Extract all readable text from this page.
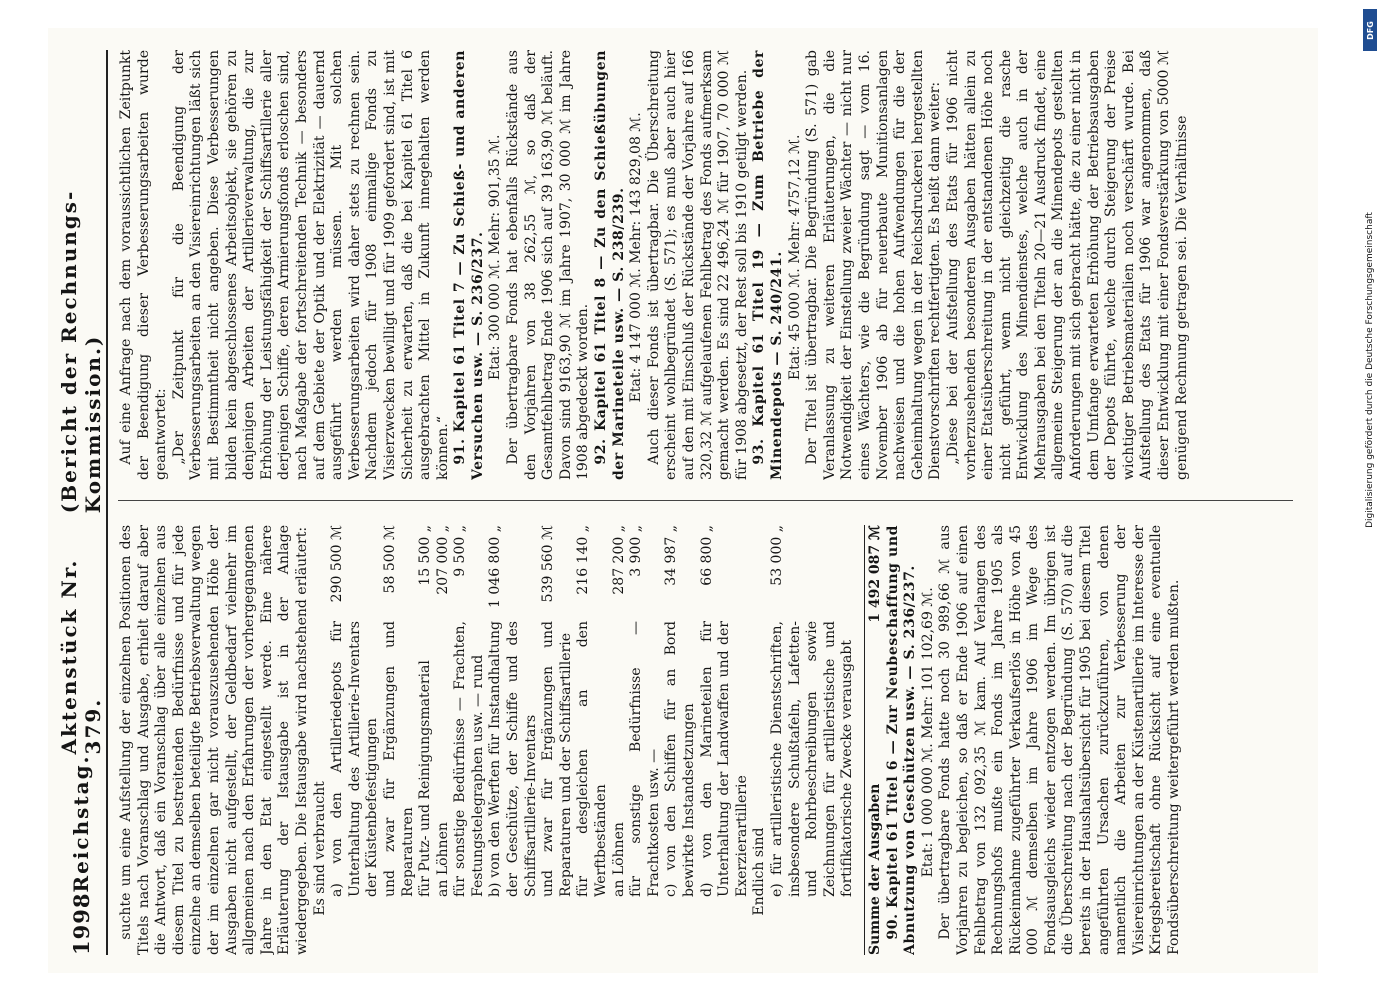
1998
Reichstag.
Aktenstück Nr. 379.
(Bericht der Rechnungs-Kommission.)

suchte um eine Aufstellung der einzelnen Positionen des Titels nach Voranschlag und Ausgabe, erhielt darauf aber die Antwort, daß ein Voranschlag über alle einzelnen aus diesem Titel zu bestreitenden Bedürfnisse und für jede einzelne an demselben beteiligte Betriebsverwaltung wegen der im einzelnen gar nicht vorauszusehenden Höhe der Ausgaben nicht aufgestellt, der Geldbedarf vielmehr im allgemeinen nach den Erfahrungen der vorhergegangenen Jahre in den Etat eingestellt werde. Eine nähere Erläuterung der Istausgabe ist in der Anlage wiedergegeben. Die Istausgabe wird nachstehend erläutert: Es sind verbraucht a) von den Artilleriedepots für Unterhaltung des Artillerie-Inventars der Küstenbefestigungen
290 500 ℳ
und zwar für Ergänzungen und Reparaturen
58 500 ℳ
für Putz- und Reinigungsmaterial
15 500 „
an Löhnen
207 000 „
für sonstige Bedürfnisse — Frachten, Festungstelegraphen usw. — rund
9 500 „
b) von den Werften für Instandhaltung der Geschütze, der Schiffe und des Schiffsartillerie-Inventars
1 046 800 „
und zwar für Ergänzungen und Reparaturen und der Schiffsartillerie
539 560 ℳ
für desgleichen an den Werftbeständen
216 140 „
an Löhnen
287 200 „
für sonstige Bedürfnisse — Frachtkosten usw. —
3 900 „
c) von den Schiffen für an Bord bewirkte Instandsetzungen
34 987 „
d) von den Marineteilen für Unterhaltung der Landwaffen und der Exerzierartillerie
66 800 „

Endlich sind e) für artilleristische Dienstschriften, insbesondere Schußtafeln, Lafetten- und Rohrbeschreibungen sowie Zeichnungen für artilleristische und fortifikatorische Zwecke verausgabt
53 000 „
Summe der Ausgaben
1 492 087 ℳ 90. Kapitel 61 Titel 6 — Zur Neubeschaffung und Abnutzung von Geschützen usw. — S. 236/237. Etat: 1 000 000 ℳ. Mehr: 101 102,69 ℳ. Der übertragbare Fonds hatte noch 30 989,66 ℳ aus Vorjahren zu begleichen, so daß er Ende 1906 auf einen Fehlbetrag von 132 092,35 ℳ kam. Auf Verlangen des Rechnungshofs mußte ein Fonds im Jahre 1905 als Rückeinnahme zugeführter Verkaufserlös in Höhe von 45 000 ℳ demselben im Jahre 1906 im Wege des Fondsausgleichs wieder entzogen werden. Im übrigen ist die Überschreitung nach der Begründung (S. 570) auf die bereits in der Haushaltsübersicht für 1905 bei diesem Titel angeführten Ursachen zurückzuführen, von denen namentlich die Arbeiten zur Verbesserung der Visiereinrichtungen an der Küstenartillerie im Interesse der Kriegsbereitschaft ohne Rücksicht auf eine eventuelle Fondsüberschreitung weitergeführt werden mußten.

Auf eine Anfrage nach dem voraussichtlichen Zeitpunkt der Beendigung dieser Verbesserungsarbeiten wurde geantwortet: „Der Zeitpunkt für die Beendigung der Verbesserungsarbeiten an den Visiereinrichtungen läßt sich mit Bestimmtheit nicht angeben. Diese Verbesserungen bilden kein abgeschlossenes Arbeitsobjekt, sie gehören zu denjenigen Arbeiten der Artillerieverwaltung, die zur Erhöhung der Leistungsfähigkeit der Schiffsartillerie aller derjenigen Schiffe, deren Armierungsfonds erloschen sind, nach Maßgabe der fortschreitenden Technik — besonders auf dem Gebiete der Optik und der Elektrizität — dauernd ausgeführt werden müssen. Mit solchen Verbesserungsarbeiten wird daher stets zu rechnen sein. Nachdem jedoch für 1908 einmalige Fonds zu Visierzwecken bewilligt und für 1909 gefordert sind, ist mit Sicherheit zu erwarten, daß die bei Kapitel 61 Titel 6 ausgebrachten Mittel in Zukunft innegehalten werden können.“ 91. Kapitel 61 Titel 7 — Zu Schieß- und anderen Versuchen usw. — S. 236/237. Etat: 300 000 ℳ. Mehr: 901,35 ℳ. Der übertragbare Fonds hat ebenfalls Rückstände aus den Vorjahren von 38 262,55 ℳ, so daß der Gesamtfehlbetrag Ende 1906 sich auf 39 163,90 ℳ beläuft. Davon sind 9163,90 ℳ im Jahre 1907, 30 000 ℳ im Jahre 1908 abgedeckt worden. 92. Kapitel 61 Titel 8 — Zu den Schießübungen der Marineteile usw. — S. 238/239. Etat: 4 147 000 ℳ. Mehr: 143 829,08 ℳ. Auch dieser Fonds ist übertragbar. Die Überschreitung erscheint wohlbegründet (S. 571); es muß aber auch hier auf den mit Einschluß der Rückstände der Vorjahre auf 166 320,32 ℳ aufgelaufenen Fehlbetrag des Fonds aufmerksam gemacht werden. Es sind 22 496,24 ℳ für 1907, 70 000 ℳ für 1908 abgesetzt, der Rest soll bis 1910 getilgt werden. 93. Kapitel 61 Titel 19 — Zum Betriebe der Minendepots — S. 240/241. Etat: 45 000 ℳ. Mehr: 4757,12 ℳ. Der Titel ist übertragbar. Die Begründung (S. 571) gab Veranlassung zu weiteren Erläuterungen, die die Notwendigkeit der Einstellung zweier Wächter — nicht nur eines Wächters, wie die Begründung sagt — vom 16. November 1906 ab für neuerbaute Munitionsanlagen nachweisen und die hohen Aufwendungen für die der Geheimhaltung wegen in der Reichsdruckerei hergestellten Dienstvorschriften rechtfertigten. Es heißt dann weiter: „Diese bei der Aufstellung des Etats für 1906 nicht vorherzusehenden besonderen Ausgaben hätten allein zu einer Etatsüberschreitung in der entstandenen Höhe noch nicht geführt, wenn nicht gleichzeitig die rasche Entwicklung des Minendienstes, welche auch in der Mehrausgaben bei den Titeln 20—21 Ausdruck findet, eine allgemeine Steigerung der an die Minendepots gestellten Anforderungen mit sich gebracht hätte, die zu einer nicht in dem Umfange erwarteten Erhöhung der Betriebsausgaben der Depots führte, welche durch Steigerung der Preise wichtiger Betriebsmaterialien noch verschärft wurde. Bei Aufstellung des Etats für 1906 war angenommen, daß dieser Entwicklung mit einer Fondsverstärkung von 5000 ℳ genügend Rechnung getragen sei. Die Verhältnisse

DFG
Digitalisierung gefördert durch die Deutsche Forschungsgemeinschaft
